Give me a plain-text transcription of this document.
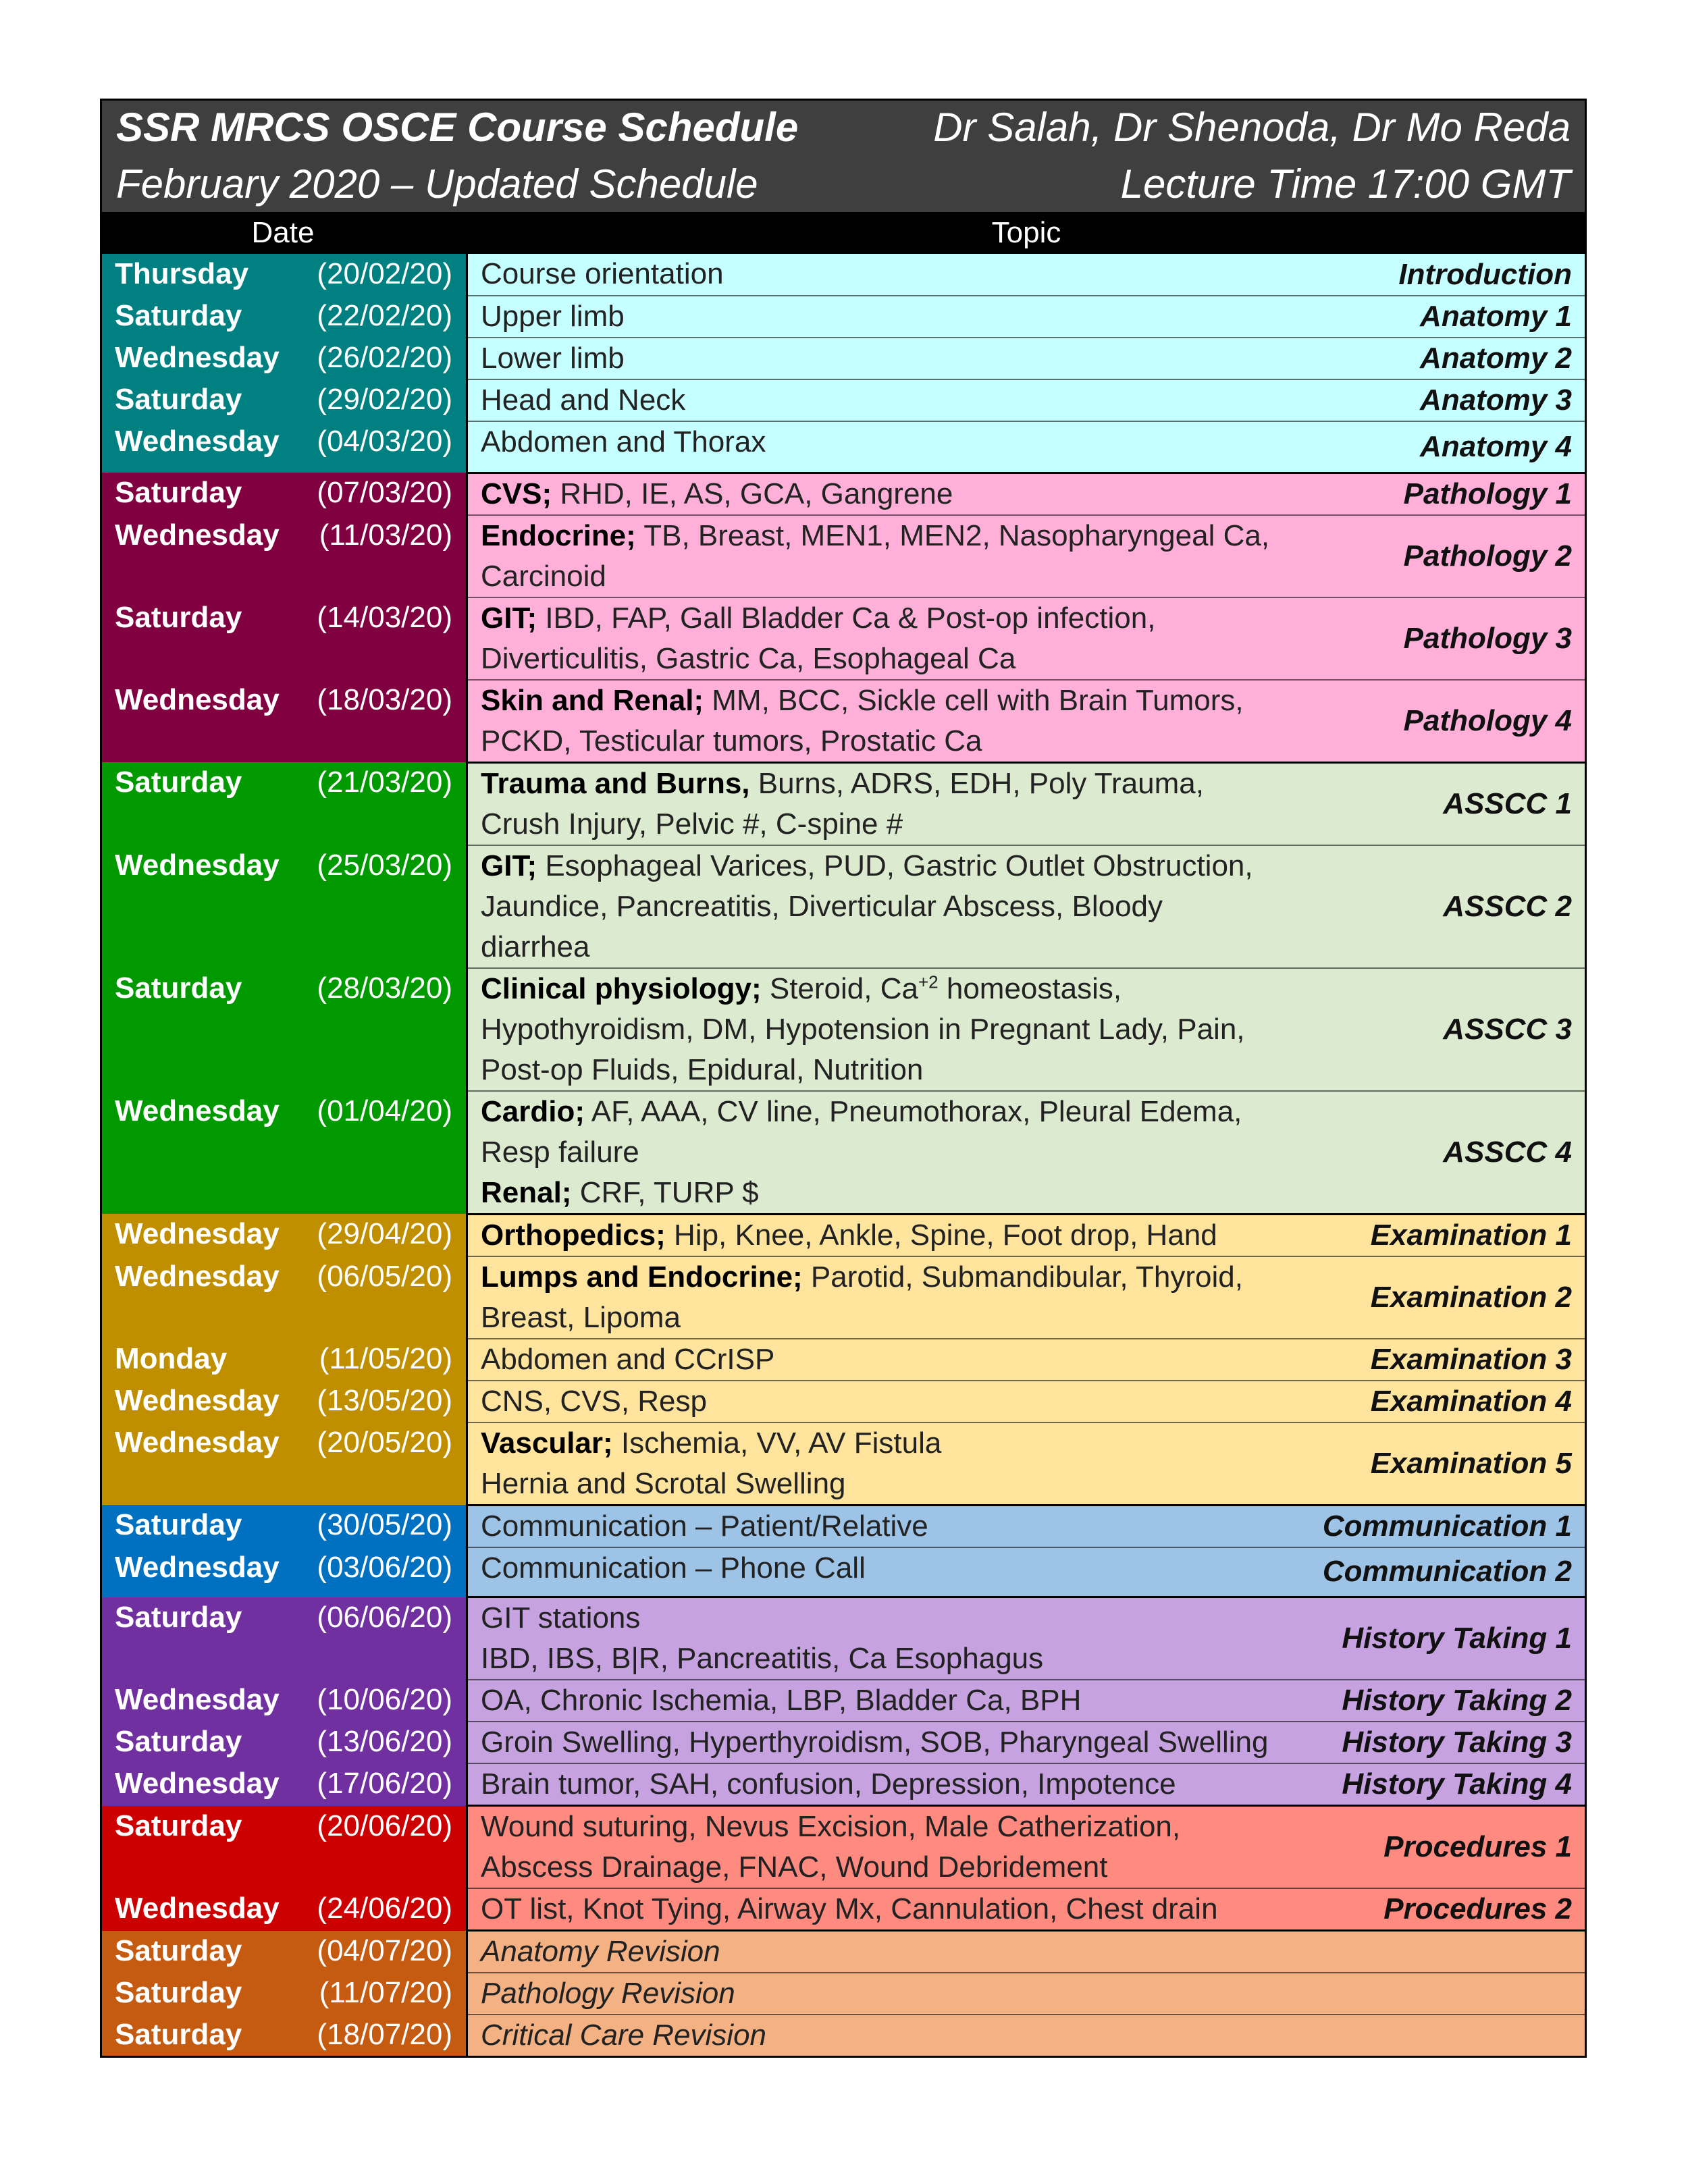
SSR MRCS OSCE Course Schedule	Dr Salah, Dr Shenoda, Dr Mo Reda
February 2020 – Updated Schedule	Lecture Time 17:00 GMT
Date	Topic
Thursday (20/02/20)	Course orientation	Introduction

Saturday (22/02/20)	Upper limb	Anatomy 1

Wednesday (26/02/20)	Lower limb	Anatomy 2

Saturday (29/02/20)	Head and Neck	Anatomy 3

Wednesday (04/03/20)	Abdomen and Thorax	Anatomy 4

Saturday (07/03/20)	CVS; RHD, IE, AS, GCA, Gangrene	Pathology 1

Wednesday (11/03/20)	Endocrine; TB, Breast, MEN1, MEN2, Nasopharyngeal Ca, Carcinoid	Pathology 2

Saturday (14/03/20)	GIT; IBD, FAP, Gall Bladder Ca & Post-op infection, Diverticulitis, Gastric Ca, Esophageal Ca	Pathology 3

Wednesday (18/03/20)	Skin and Renal; MM, BCC, Sickle cell with Brain Tumors, PCKD, Testicular tumors, Prostatic Ca	Pathology 4

Saturday (21/03/20)	Trauma and Burns, Burns, ADRS, EDH, Poly Trauma, Crush Injury, Pelvic #, C-spine #	ASSCC 1

Wednesday (25/03/20)	GIT; Esophageal Varices, PUD, Gastric Outlet Obstruction, Jaundice, Pancreatitis, Diverticular Abscess, Bloody diarrhea	ASSCC 2

Saturday (28/03/20)	Clinical physiology; Steroid, $Ca^{+2}$ homeostasis, Hypothyroidism, DM, Hypotension in Pregnant Lady, Pain, Post-op Fluids, Epidural, Nutrition	ASSCC 3

Wednesday (01/04/20)	Cardio; AF, AAA, CV line, Pneumothorax, Pleural Edema, Resp failure
Renal; CRF, TURP $	ASSCC 4

Wednesday (29/04/20)	Orthopedics; Hip, Knee, Ankle, Spine, Foot drop, Hand	Examination 1

Wednesday (06/05/20)	Lumps and Endocrine; Parotid, Submandibular, Thyroid, Breast, Lipoma	Examination 2

Monday (11/05/20)	Abdomen and CCrISP	Examination 3

Wednesday (13/05/20)	CNS, CVS, Resp	Examination 4

Wednesday (20/05/20)	Vascular; Ischemia, VV, AV Fistula
Hernia and Scrotal Swelling	Examination 5

Saturday (30/05/20)	Communication – Patient/Relative	Communication 1

Wednesday (03/06/20)	Communication – Phone Call	Communication 2

Saturday (06/06/20)	GIT stations
IBD, IBS, B|R, Pancreatitis, Ca Esophagus	History Taking 1

Wednesday (10/06/20)	OA, Chronic Ischemia, LBP, Bladder Ca, BPH	History Taking 2

Saturday (13/06/20)	Groin Swelling, Hyperthyroidism, SOB, Pharyngeal Swelling	History Taking 3

Wednesday (17/06/20)	Brain tumor, SAH, confusion, Depression, Impotence	History Taking 4

Saturday (20/06/20)	Wound suturing, Nevus Excision, Male Catherization, Abscess Drainage, FNAC, Wound Debridement	Procedures 1

Wednesday (24/06/20)	OT list, Knot Tying, Airway Mx, Cannulation, Chest drain	Procedures 2

Saturday (04/07/20)	Anatomy Revision	

Saturday (11/07/20)	Pathology Revision	

Saturday (18/07/20)	Critical Care Revision	
